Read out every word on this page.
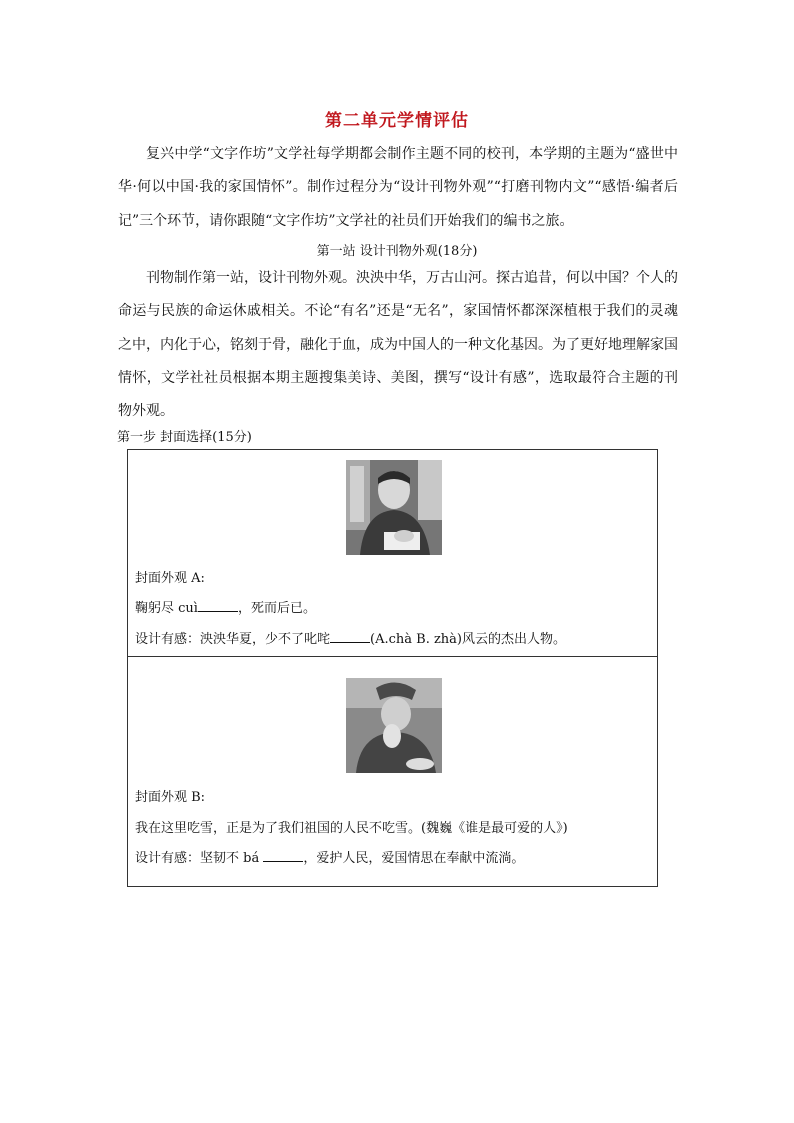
第二单元学情评估

复兴中学“文字作坊”文学社每学期都会制作主题不同的校刊，本学期的主题为“盛世中华·何以中国·我的家国情怀”。制作过程分为“设计刊物外观”“打磨刊物内文”“感悟·编者后记”三个环节，请你跟随“文字作坊”文学社的社员们开始我们的编书之旅。

第一站 设计刊物外观(18分)

刊物制作第一站，设计刊物外观。泱泱中华，万古山河。探古追昔，何以中国？个人的命运与民族的命运休戚相关。不论“有名”还是“无名”，家国情怀都深深植根于我们的灵魂之中，内化于心，铭刻于骨，融化于血，成为中国人的一种文化基因。为了更好地理解家国情怀，文学社社员根据本期主题搜集美诗、美图，撰写“设计有感”，选取最符合主题的刊物外观。

第一步 封面选择(15分)
封面外观 A:
鞠躬尽 cuì	，死而后已。
设计有感：泱泱华夏，少不了叱咤	(A.chà B. zhà)风云的杰出人物。
封面外观 B:
我在这里吃雪，正是为了我们祖国的人民不吃雪。(魏巍《谁是最可爱的人》)
设计有感：坚韧不 bá	，爱护人民，爱国情思在奉献中流淌。
